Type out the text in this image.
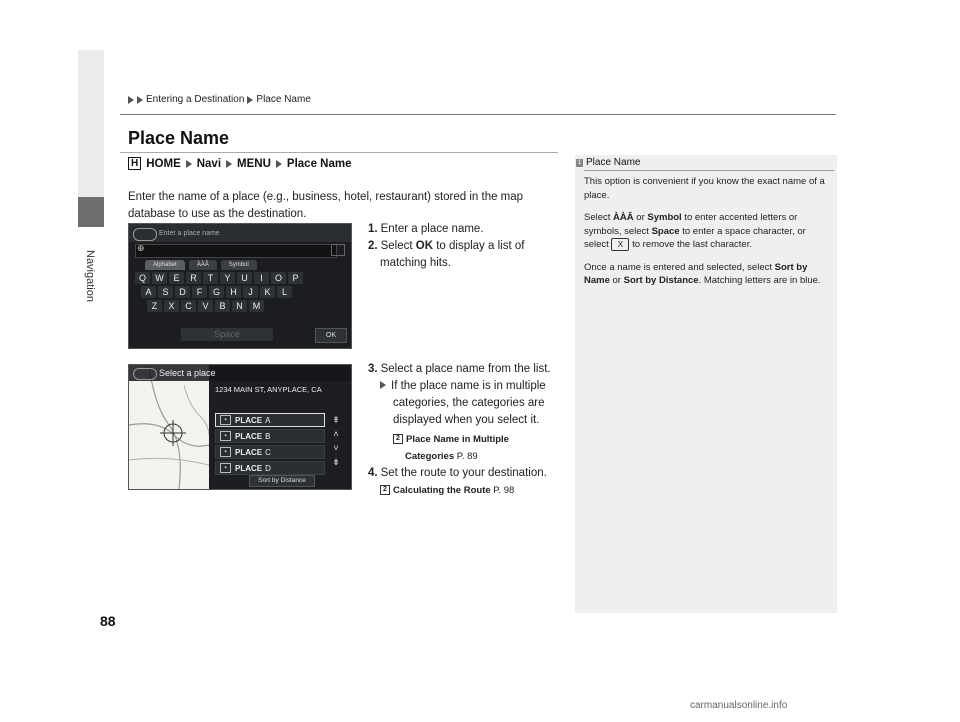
Navigation
Entering a Destination Place Name
Place Name
H HOME Navi MENU Place Name
Enter the name of a place (e.g., business, hotel, restaurant) stored in the map database to use as the destination.
1. Enter a place name.
2. Select OK to display a list of
matching hits.
3. Select a place name from the list.
If the place name is in multiple
categories, the categories are
displayed when you select it.
2 Place Name in Multiple
Categories P. 89
4. Set the route to your destination.
2 Calculating the Route P. 98
Enter a place name
⊕
Alphabet	ÀÀÂ	Symbol
Q	W	E	R	T	Y	U	I	O	P
A	S	D	F	G	H	J	K	L
Z	X	C	V	B	N	M
Space	OK
Select a place
1234 MAIN ST, ANYPLACE, CA
▪	PLACE A
▪	PLACE B
▪	PLACE C
▪	PLACE D
⇞
˄
˅
⇟
Sort by Distance
1 Place Name

This option is convenient if you know the exact name of a place.

Select ÀÀÂ or Symbol to enter accented letters or symbols, select Space to enter a space character, or select X to remove the last character.

Once a name is entered and selected, select Sort by Name or Sort by Distance. Matching letters are in blue.

88
carmanualsonline.info
